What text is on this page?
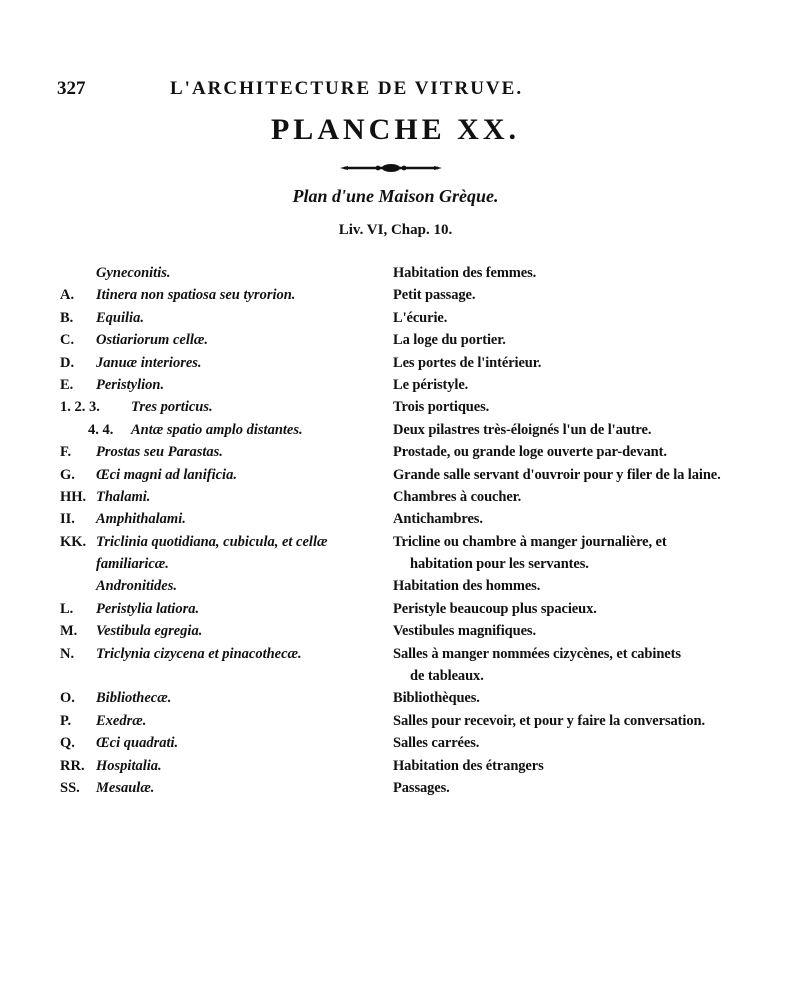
327	L'ARCHITECTURE DE VITRUVE.
PLANCHE XX.
Plan d'une Maison Grèque.
Liv. VI, Chap. 10.
Gyneconitis.	Habitation des femmes.
A. Itinera non spatiosa seu tyrorion.	Petit passage.
B. Equilia.	L'écurie.
C. Ostiariorum cellæ.	La loge du portier.
D. Januæ interiores.	Les portes de l'intérieur.
E. Peristylion.	Le péristyle.
1. 2. 3. Tres porticus.	Trois portiques.
4. 4. Antæ spatio amplo distantes.	Deux pilastres très-éloignés l'un de l'autre.
F. Prostas seu Parastas.	Prostade, ou grande loge ouverte par-devant.
G. Œci magni ad lanificia.	Grande salle servant d'ouvroir pour y filer de la laine.
HH. Thalami.	Chambres à coucher.
II. Amphithalami.	Antichambres.
KK. Triclinia quotidiana, cubicula, et cellæ	Tricline ou chambre à manger journalière, et
familiaricæ.	habitation pour les servantes.
Andronitides.	Habitation des hommes.
L. Peristylia latiora.	Peristyle beaucoup plus spacieux.
M. Vestibula egregia.	Vestibules magnifiques.
N. Triclynia cizycena et pinacothecæ.	Salles à manger nommées cizycènes, et cabinets
de tableaux.
O. Bibliothecæ.	Bibliothèques.
P. Exedræ.	Salles pour recevoir, et pour y faire la conversation.
Q. Œci quadrati.	Salles carrées.
RR. Hospitalia.	Habitation des étrangers
SS. Mesaulæ.	Passages.
